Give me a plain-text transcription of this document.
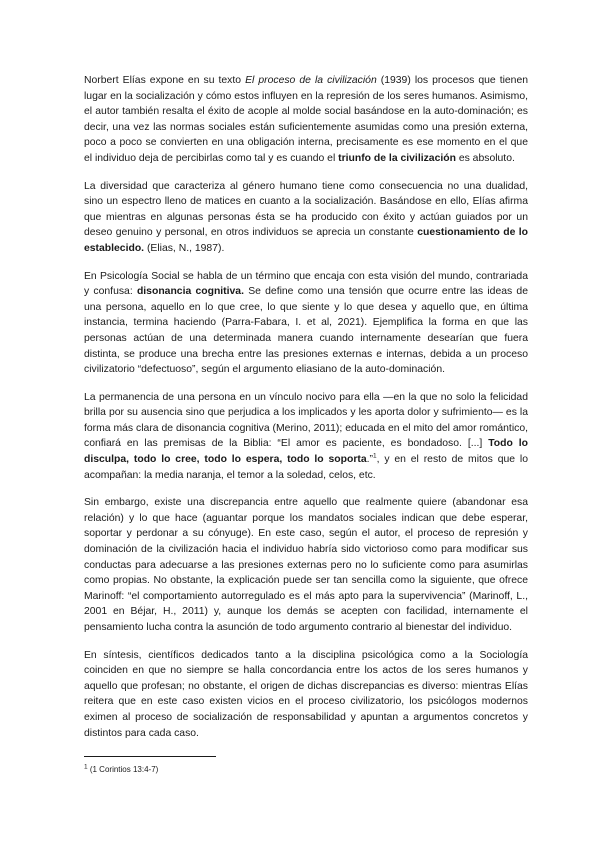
Norbert Elías expone en su texto El proceso de la civilización (1939) los procesos que tienen lugar en la socialización y cómo estos influyen en la represión de los seres humanos. Asimismo, el autor también resalta el éxito de acople al molde social basándose en la auto-dominación; es decir, una vez las normas sociales están suficientemente asumidas como una presión externa, poco a poco se convierten en una obligación interna, precisamente es ese momento en el que el individuo deja de percibirlas como tal y es cuando el triunfo de la civilización es absoluto.

La diversidad que caracteriza al género humano tiene como consecuencia no una dualidad, sino un espectro lleno de matices en cuanto a la socialización. Basándose en ello, Elías afirma que mientras en algunas personas ésta se ha producido con éxito y actúan guiados por un deseo genuino y personal, en otros individuos se aprecia un constante cuestionamiento de lo establecido. (Elias, N., 1987).

En Psicología Social se habla de un término que encaja con esta visión del mundo, contrariada y confusa: disonancia cognitiva. Se define como una tensión que ocurre entre las ideas de una persona, aquello en lo que cree, lo que siente y lo que desea y aquello que, en última instancia, termina haciendo (Parra-Fabara, I. et al, 2021). Ejemplifica la forma en que las personas actúan de una determinada manera cuando internamente desearían que fuera distinta, se produce una brecha entre las presiones externas e internas, debida a un proceso civilizatorio “defectuoso”, según el argumento eliasiano de la auto-dominación.

La permanencia de una persona en un vínculo nocivo para ella —en la que no solo la felicidad brilla por su ausencia sino que perjudica a los implicados y les aporta dolor y sufrimiento— es la forma más clara de disonancia cognitiva (Merino, 2011); educada en el mito del amor romántico, confiará en las premisas de la Biblia: “El amor es paciente, es bondadoso. [...] Todo lo disculpa, todo lo cree, todo lo espera, todo lo soporta.”$^1$, y en el resto de mitos que lo acompañan: la media naranja, el temor a la soledad, celos, etc.

Sin embargo, existe una discrepancia entre aquello que realmente quiere (abandonar esa relación) y lo que hace (aguantar porque los mandatos sociales indican que debe esperar, soportar y perdonar a su cónyuge). En este caso, según el autor, el proceso de represión y dominación de la civilización hacia el individuo habría sido victorioso como para modificar sus conductas para adecuarse a las presiones externas pero no lo suficiente como para asumirlas como propias. No obstante, la explicación puede ser tan sencilla como la siguiente, que ofrece Marinoff: “el comportamiento autorregulado es el más apto para la supervivencia” (Marinoff, L., 2001 en Béjar, H., 2011) y, aunque los demás se acepten con facilidad, internamente el pensamiento lucha contra la asunción de todo argumento contrario al bienestar del individuo.

En síntesis, científicos dedicados tanto a la disciplina psicológica como a la Sociología coinciden en que no siempre se halla concordancia entre los actos de los seres humanos y aquello que profesan; no obstante, el origen de dichas discrepancias es diverso: mientras Elías reitera que en este caso existen vicios en el proceso civilizatorio, los psicólogos modernos eximen al proceso de socialización de responsabilidad y apuntan a argumentos concretos y distintos para cada caso.

$^1$ (1 Corintios 13:4-7)
